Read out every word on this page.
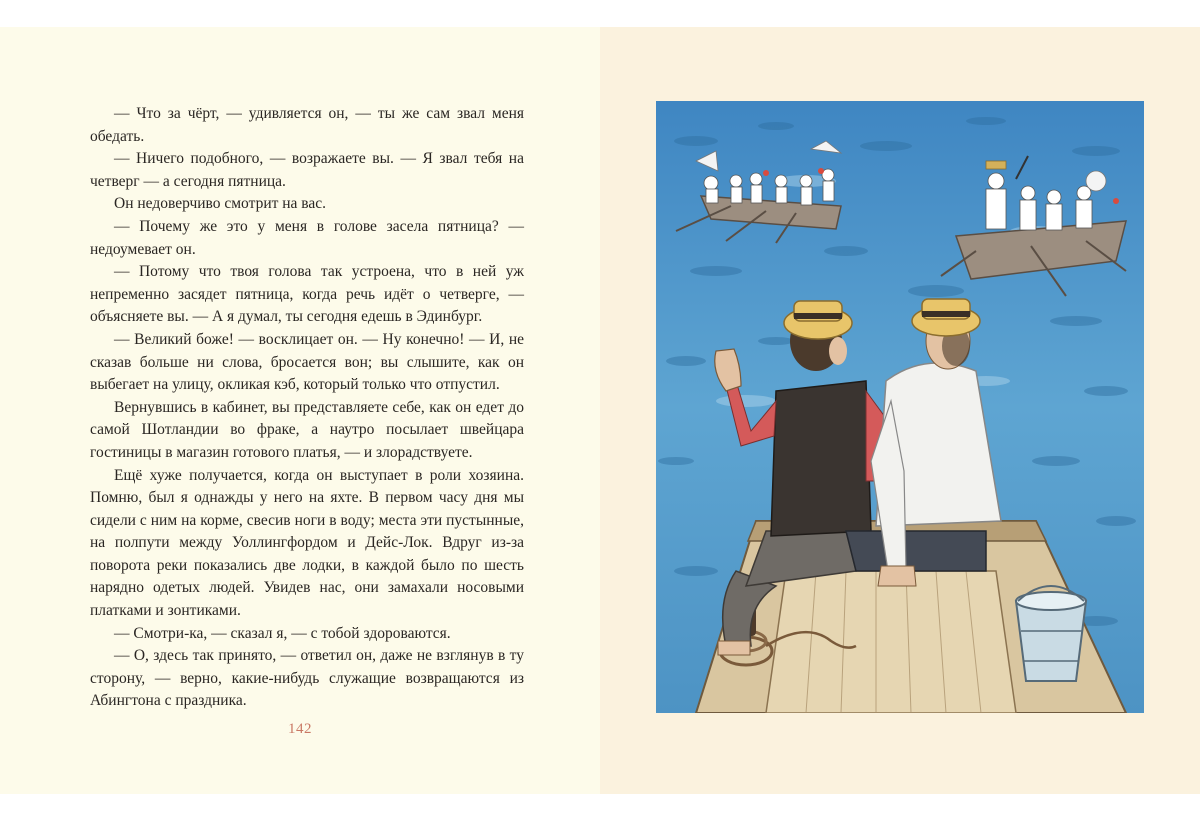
— Что за чёрт, — удивляется он, — ты же сам звал меня обедать.

— Ничего подобного, — возражаете вы. — Я звал тебя на четверг — а сегодня пятница.

Он недоверчиво смотрит на вас.

— Почему же это у меня в голове засела пятница? — недоумевает он.

— Потому что твоя голова так устроена, что в ней уж непременно засядет пятница, когда речь идёт о четверге, — объясняете вы. — А я думал, ты сегодня едешь в Эдинбург.

— Великий боже! — восклицает он. — Ну конечно! — И, не сказав больше ни слова, бросается вон; вы слышите, как он выбегает на улицу, окликая кэб, который только что отпустил.

Вернувшись в кабинет, вы представляете себе, как он едет до самой Шотландии во фраке, а наутро посылает швейцара гостиницы в магазин готового платья, — и злорадствуете.

Ещё хуже получается, когда он выступает в роли хозяина. Помню, был я однажды у него на яхте. В первом часу дня мы сидели с ним на корме, свесив ноги в воду; места эти пустынные, на полпути между Уоллингфордом и Дейс-Лок. Вдруг из-за поворота реки показались две лодки, в каждой было по шесть нарядно одетых людей. Увидев нас, они замахали носовыми платками и зонтиками.

— Смотри-ка, — сказал я, — с тобой здороваются.

— О, здесь так принято, — ответил он, даже не взглянув в ту сторону, — верно, какие-нибудь служащие возвращаются из Абингтона с праздника.

142
